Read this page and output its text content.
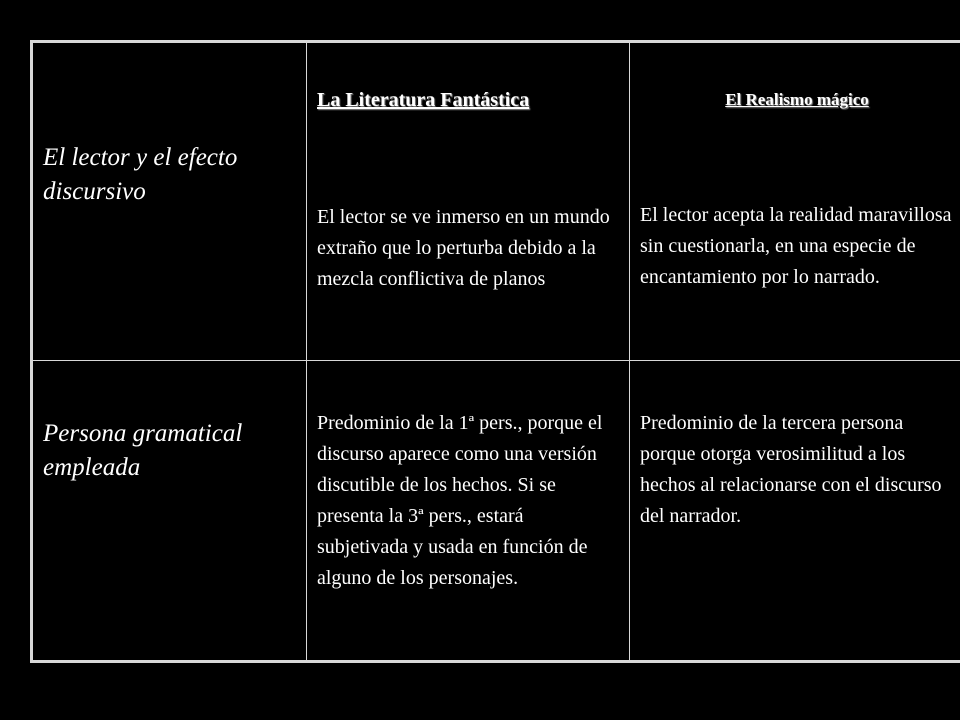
El lector y el efecto discursivo
La Literatura Fantástica
El lector se ve inmerso en un mundo extraño que lo perturba debido a la mezcla conflictiva de planos
El Realismo mágico
El lector acepta la realidad maravillosa sin cuestionarla, en una especie de encantamiento por lo narrado.
Persona gramatical empleada
Predominio de la 1ª pers., porque el discurso aparece como una versión discutible de los hechos. Si se presenta la 3ª pers., estará subjetivada y usada en función de alguno de los personajes.
Predominio de la tercera persona porque otorga verosimilitud a los hechos al relacionarse con el discurso del narrador.
